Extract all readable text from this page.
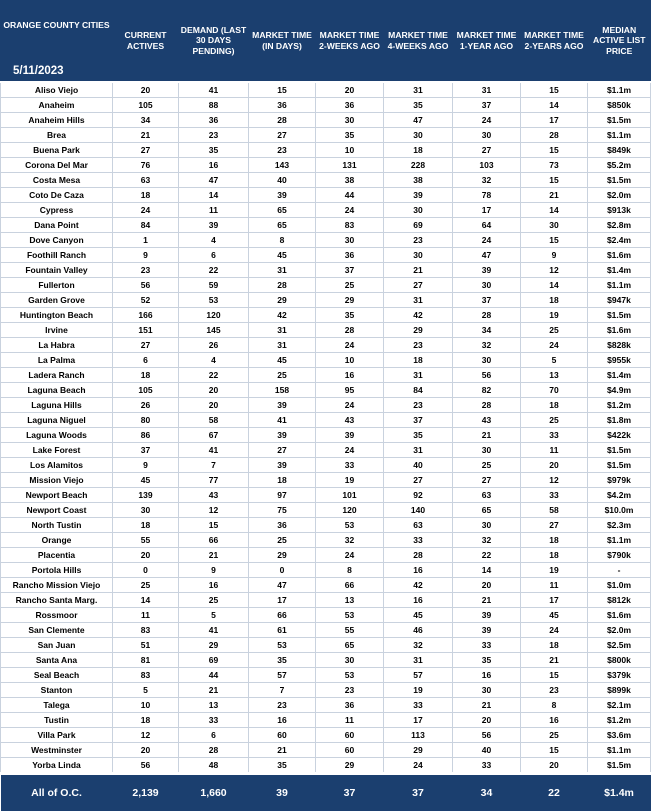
ORANGE COUNTY CITIES
5/11/2023	CURRENT ACTIVES	DEMAND (LAST 30 DAYS PENDING)	MARKET TIME (IN DAYS)	MARKET TIME 2-WEEKS AGO	MARKET TIME 4-WEEKS AGO	MARKET TIME 1-YEAR AGO	MARKET TIME 2-YEARS AGO	MEDIAN ACTIVE LIST PRICE
Aliso Viejo	20	41	15	20	31	31	15	$1.1m
Anaheim	105	88	36	36	35	37	14	$850k
Anaheim Hills	34	36	28	30	47	24	17	$1.5m
Brea	21	23	27	35	30	30	28	$1.1m
Buena Park	27	35	23	10	18	27	15	$849k
Corona Del Mar	76	16	143	131	228	103	73	$5.2m
Costa Mesa	63	47	40	38	38	32	15	$1.5m
Coto De Caza	18	14	39	44	39	78	21	$2.0m
Cypress	24	11	65	24	30	17	14	$913k
Dana Point	84	39	65	83	69	64	30	$2.8m
Dove Canyon	1	4	8	30	23	24	15	$2.4m
Foothill Ranch	9	6	45	36	30	47	9	$1.6m
Fountain Valley	23	22	31	37	21	39	12	$1.4m
Fullerton	56	59	28	25	27	30	14	$1.1m
Garden Grove	52	53	29	29	31	37	18	$947k
Huntington Beach	166	120	42	35	42	28	19	$1.5m
Irvine	151	145	31	28	29	34	25	$1.6m
La Habra	27	26	31	24	23	32	24	$828k
La Palma	6	4	45	10	18	30	5	$955k
Ladera Ranch	18	22	25	16	31	56	13	$1.4m
Laguna Beach	105	20	158	95	84	82	70	$4.9m
Laguna Hills	26	20	39	24	23	28	18	$1.2m
Laguna Niguel	80	58	41	43	37	43	25	$1.8m
Laguna Woods	86	67	39	39	35	21	33	$422k
Lake Forest	37	41	27	24	31	30	11	$1.5m
Los Alamitos	9	7	39	33	40	25	20	$1.5m
Mission Viejo	45	77	18	19	27	27	12	$979k
Newport Beach	139	43	97	101	92	63	33	$4.2m
Newport Coast	30	12	75	120	140	65	58	$10.0m
North Tustin	18	15	36	53	63	30	27	$2.3m
Orange	55	66	25	32	33	32	18	$1.1m
Placentia	20	21	29	24	28	22	18	$790k
Portola Hills	0	9	0	8	16	14	19	-
Rancho Mission Viejo	25	16	47	66	42	20	11	$1.0m
Rancho Santa Marg.	14	25	17	13	16	21	17	$812k
Rossmoor	11	5	66	53	45	39	45	$1.6m
San Clemente	83	41	61	55	46	39	24	$2.0m
San Juan	51	29	53	65	32	33	18	$2.5m
Santa Ana	81	69	35	30	31	35	21	$800k
Seal Beach	83	44	57	53	57	16	15	$379k
Stanton	5	21	7	23	19	30	23	$899k
Talega	10	13	23	36	33	21	8	$2.1m
Tustin	18	33	16	11	17	20	16	$1.2m
Villa Park	12	6	60	60	113	56	25	$3.6m
Westminster	20	28	21	60	29	40	15	$1.1m
Yorba Linda	56	48	35	29	24	33	20	$1.5m
All of O.C.	2,139	1,660	39	37	37	34	22	$1.4m
